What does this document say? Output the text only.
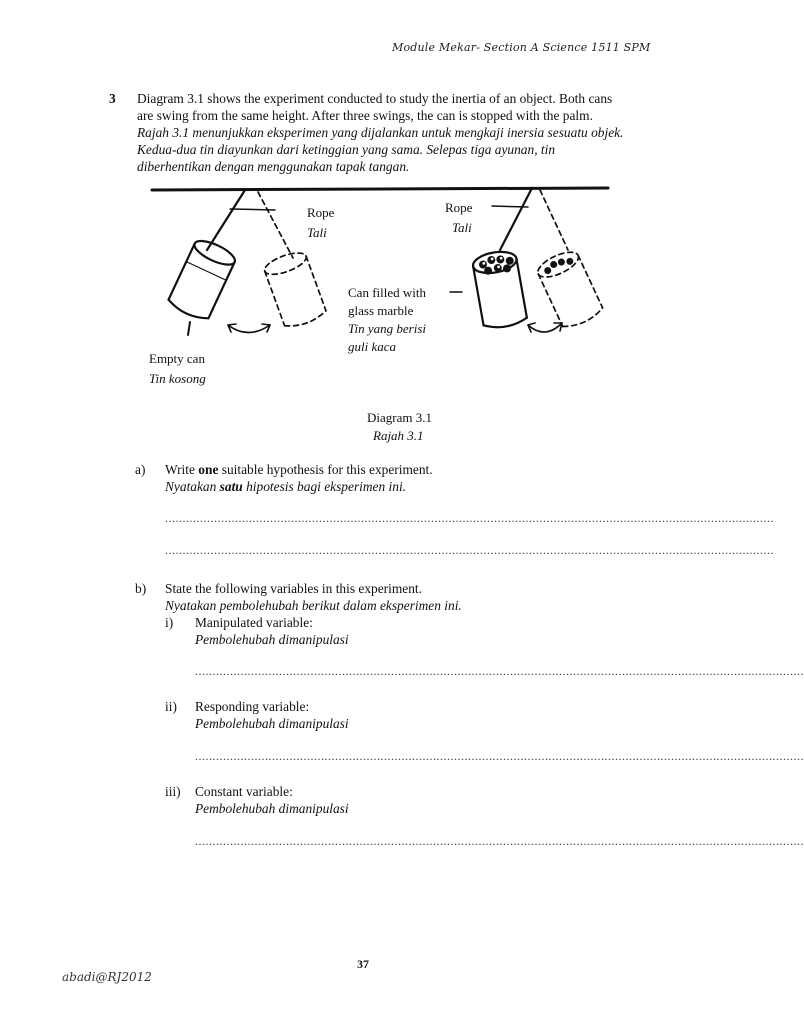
Module Mekar- Section A Science 1511 SPM
3 Diagram 3.1 shows the experiment conducted to study the inertia of an object. Both cans
are swing from the same height. After three swings, the can is stopped with the palm.
Rajah 3.1 menunjukkan eksperimen yang dijalankan untuk mengkaji inersia sesuatu objek.
Kedua-dua tin diayunkan dari ketinggian yang sama. Selepas tiga ayunan, tin
diberhentikan dengan menggunakan tapak tangan.
Rope
Tali
Rope
Tali
Can filled with
glass marble
Tin yang berisi
guli kaca
Empty can
Tin kosong
Diagram 3.1
Rajah 3.1
a) Write one suitable hypothesis for this experiment.
Nyatakan satu hipotesis bagi eksperimen ini.
..............................................................................................................................................................................
..............................................................................................................................................................................
b) State the following variables in this experiment.
Nyatakan pembolehubah berikut dalam eksperimen ini.
i) Manipulated variable:
Pembolehubah dimanipulasi
..............................................................................................................................................................................
ii) Responding variable:
Pembolehubah dimanipulasi
..............................................................................................................................................................................
iii) Constant variable:
Pembolehubah dimanipulasi
..............................................................................................................................................................................
37
abadi@RJ2012
